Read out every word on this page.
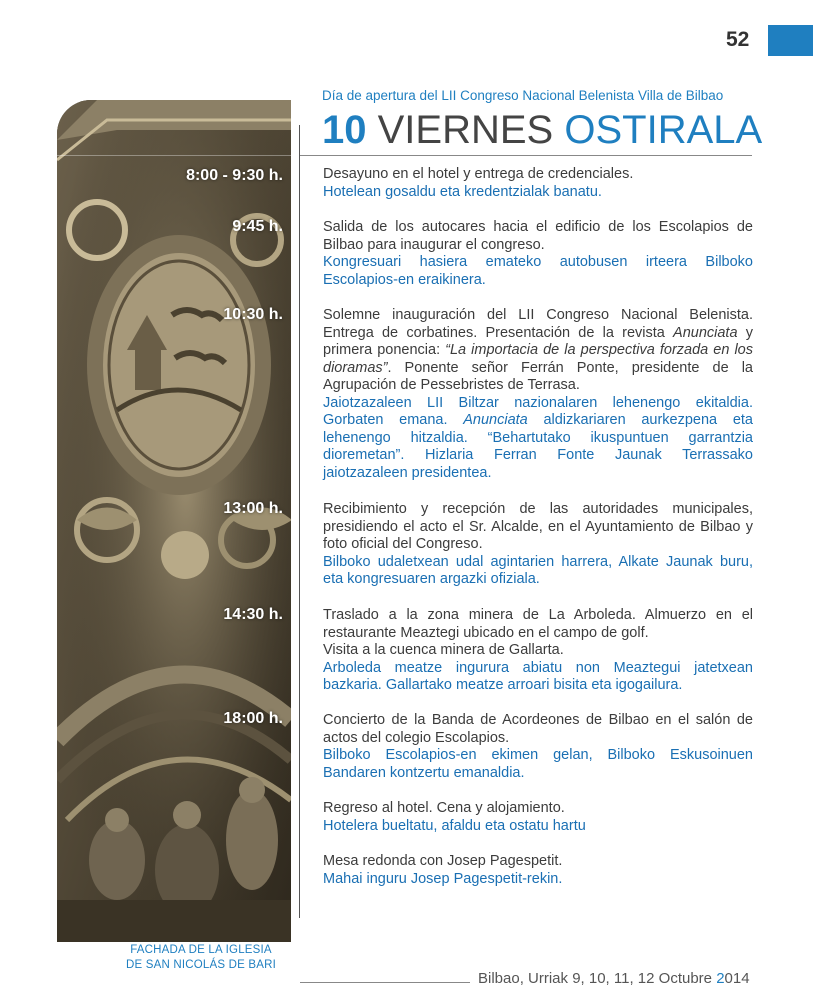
52
Día de apertura del LII Congreso Nacional Belenista Villa de Bilbao
10 VIERNES OSTIRALA
8:00 - 9:30 h.
9:45 h.
10:30 h.
13:00 h.
14:30 h.
18:00 h.
Desayuno en el hotel y entrega de credenciales.
Hotelean gosaldu eta kredentzialak banatu.
Salida de los autocares hacia el edificio de los Escolapios de Bilbao para inaugurar el congreso.
Kongresuari hasiera emateko autobusen irteera Bilboko Escolapios-en eraikinera.
Solemne inauguración del LII Congreso Nacional Belenista. Entrega de corbatines. Presentación de la revista Anunciata y primera ponencia: “La importacia de la perspectiva forzada en los dioramas”. Ponente señor Ferrán Ponte, presidente de la Agrupación de Pessebristes de Terrasa.
Jaiotzazaleen LII Biltzar nazionalaren lehenengo ekitaldia. Gorbaten emana. Anunciata aldizkariaren aurkezpena eta lehenengo hitzaldia. “Behartutako ikuspuntuen garrantzia dioremetan”. Hizlaria Ferran Fonte Jaunak Terrassako jaiotzazaleen presidentea.
Recibimiento y recepción de las autoridades municipales, presidiendo el acto el Sr. Alcalde, en el Ayuntamiento de Bilbao y foto oficial del Congreso.
Bilboko udaletxean udal agintarien harrera, Alkate Jaunak buru, eta kongresuaren argazki ofiziala.
Traslado a la zona minera de La Arboleda. Almuerzo en el restaurante Meaztegi ubicado en el campo de golf.
Visita a la cuenca minera de Gallarta.
Arboleda meatze ingurura abiatu non Meaztegui jatetxean bazkaria. Gallartako meatze arroari bisita eta igogailura.
Concierto de la Banda de Acordeones de Bilbao en el salón de actos del colegio Escolapios.
Bilboko Escolapios-en ekimen gelan, Bilboko Eskusoinuen Bandaren kontzertu emanaldia.
Regreso al hotel. Cena y alojamiento.
Hotelera bueltatu, afaldu eta ostatu hartu
Mesa redonda con Josep Pagespetit.
Mahai inguru Josep Pagespetit-rekin.
FACHADA DE LA IGLESIA
DE SAN NICOLÁS DE BARI
Bilbao, Urriak 9, 10, 11, 12 Octubre 2014
